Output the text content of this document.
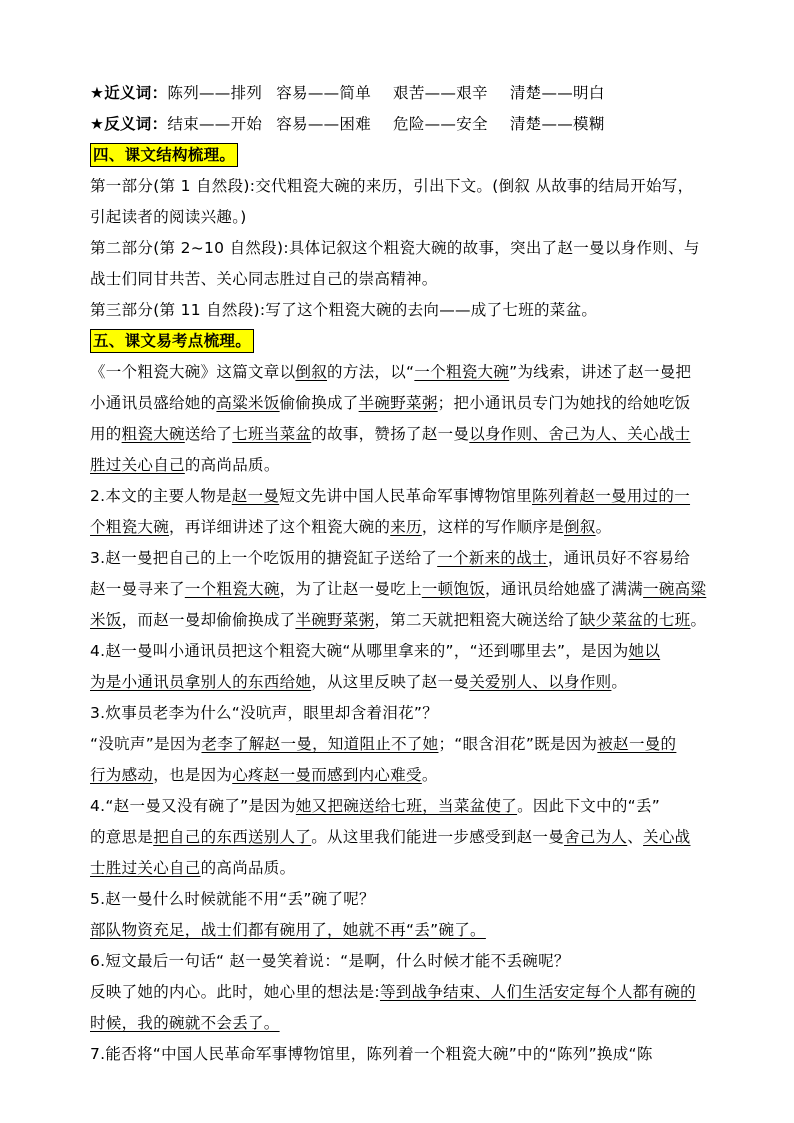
★近义词：陈列——排列 容易——简单 艰苦——艰辛 清楚——明白
★反义词：结束——开始 容易——困难 危险——安全 清楚——模糊
四、课文结构梳理。
第一部分(第 1 自然段):交代粗瓷大碗的来历，引出下文。(倒叙 从故事的结局开始写，
引起读者的阅读兴趣。)
第二部分(第 2~10 自然段):具体记叙这个粗瓷大碗的故事，突出了赵一曼以身作则、与
战士们同甘共苦、关心同志胜过自己的崇高精神。
第三部分(第 11 自然段):写了这个粗瓷大碗的去向——成了七班的菜盆。
五、课文易考点梳理。
《一个粗瓷大碗》这篇文章以倒叙的方法，以“一个粗瓷大碗”为线索，讲述了赵一曼把
小通讯员盛给她的高粱米饭偷偷换成了半碗野菜粥；把小通讯员专门为她找的给她吃饭
用的粗瓷大碗送给了七班当菜盆的故事，赞扬了赵一曼以身作则、舍己为人、关心战士
胜过关心自己的高尚品质。
2.本文的主要人物是赵一曼短文先讲中国人民革命军事博物馆里陈列着赵一曼用过的一
个粗瓷大碗，再详细讲述了这个粗瓷大碗的来历，这样的写作顺序是倒叙。
3.赵一曼把自己的上一个吃饭用的搪瓷缸子送给了一个新来的战士，通讯员好不容易给
赵一曼寻来了一个粗瓷大碗，为了让赵一曼吃上一顿饱饭，通讯员给她盛了满满一碗高粱
米饭，而赵一曼却偷偷换成了半碗野菜粥，第二天就把粗瓷大碗送给了缺少菜盆的七班。
4.赵一曼叫小通讯员把这个粗瓷大碗“从哪里拿来的”，“还到哪里去”，是因为她以
为是小通讯员拿别人的东西给她，从这里反映了赵一曼关爱别人、以身作则。
3.炊事员老李为什么“没吭声，眼里却含着泪花”？
“没吭声”是因为老李了解赵一曼，知道阻止不了她；“眼含泪花”既是因为被赵一曼的
行为感动，也是因为心疼赵一曼而感到内心难受。
4.“赵一曼又没有碗了”是因为她又把碗送给七班，当菜盆使了。因此下文中的“丢”
的意思是把自己的东西送别人了。从这里我们能进一步感受到赵一曼舍己为人、关心战
士胜过关心自己的高尚品质。
5.赵一曼什么时候就能不用“丢”碗了呢？
部队物资充足，战士们都有碗用了，她就不再“丢”碗了。
6.短文最后一句话“ 赵一曼笑着说：“是啊，什么时候才能不丢碗呢？
反映了她的内心。此时，她心里的想法是:等到战争结束、人们生活安定每个人都有碗的
时候，我的碗就不会丢了。
7.能否将“中国人民革命军事博物馆里，陈列着一个粗瓷大碗”中的“陈列”换成“陈
